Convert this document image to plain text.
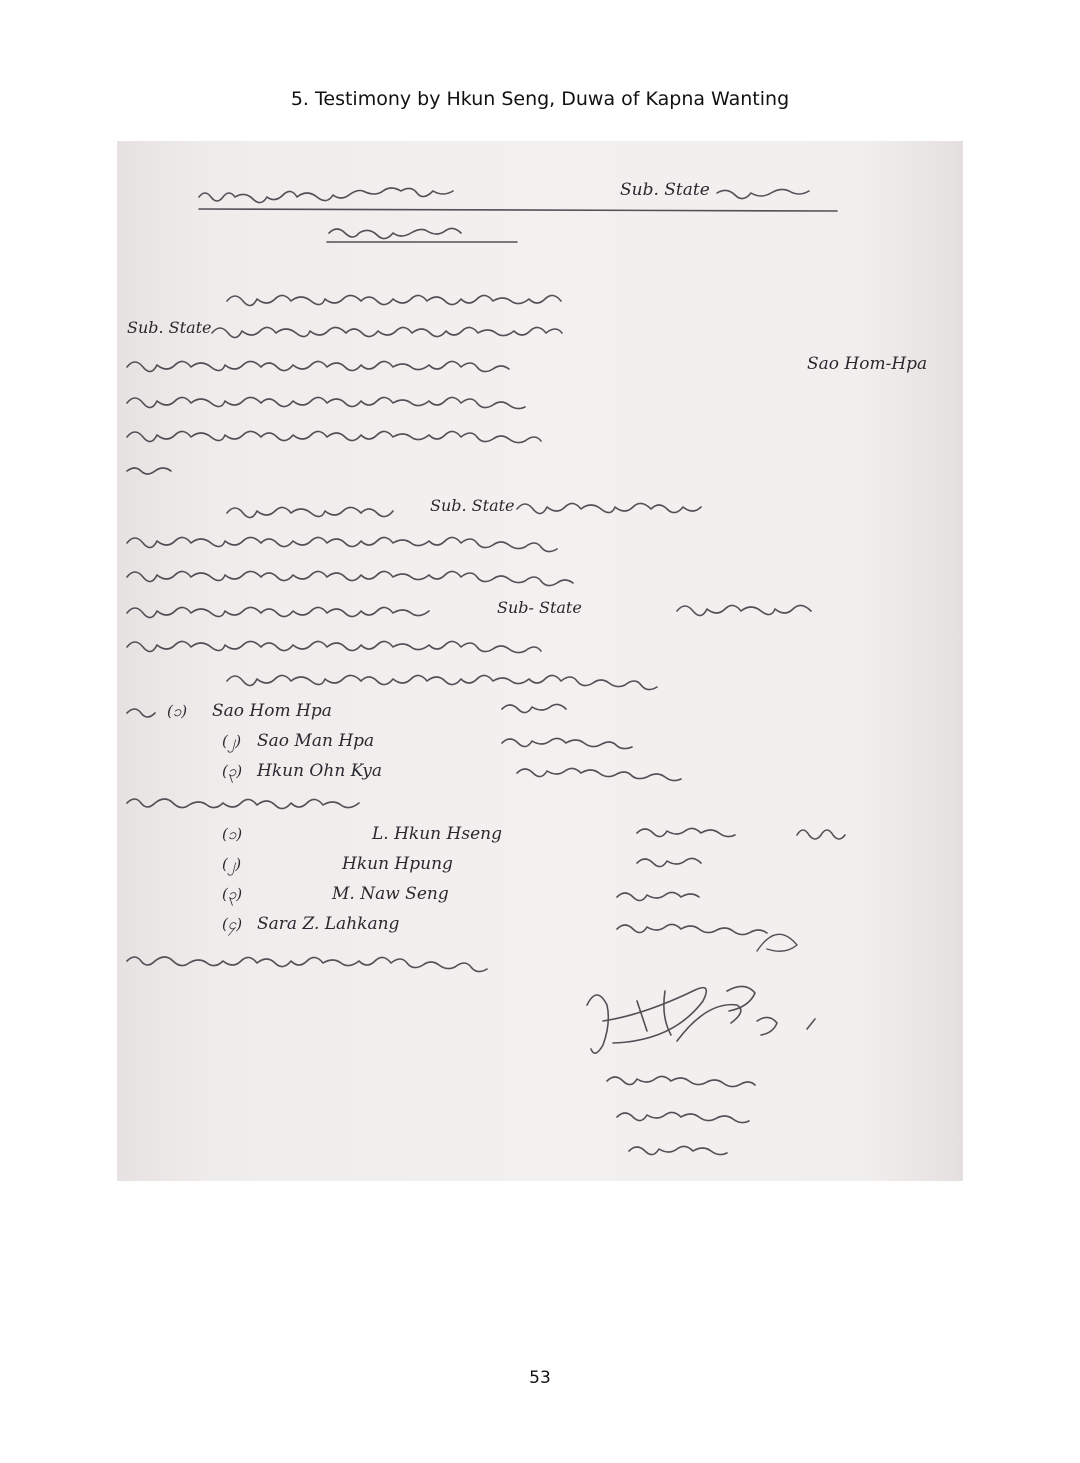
5. Testimony by Hkun Seng, Duwa of Kapna Wanting
Sub. State
Sub. State
Sao Hom-Hpa
Sub. State
Sub- State
(၁) Sao Hom Hpa
(၂) Sao Man Hpa
(၃) Hkun Ohn Kya
(၁)	L. Hkun Hseng
(၂)	Hkun Hpung
(၃)	M. Naw Seng
(၄) Sara Z. Lahkang
53
